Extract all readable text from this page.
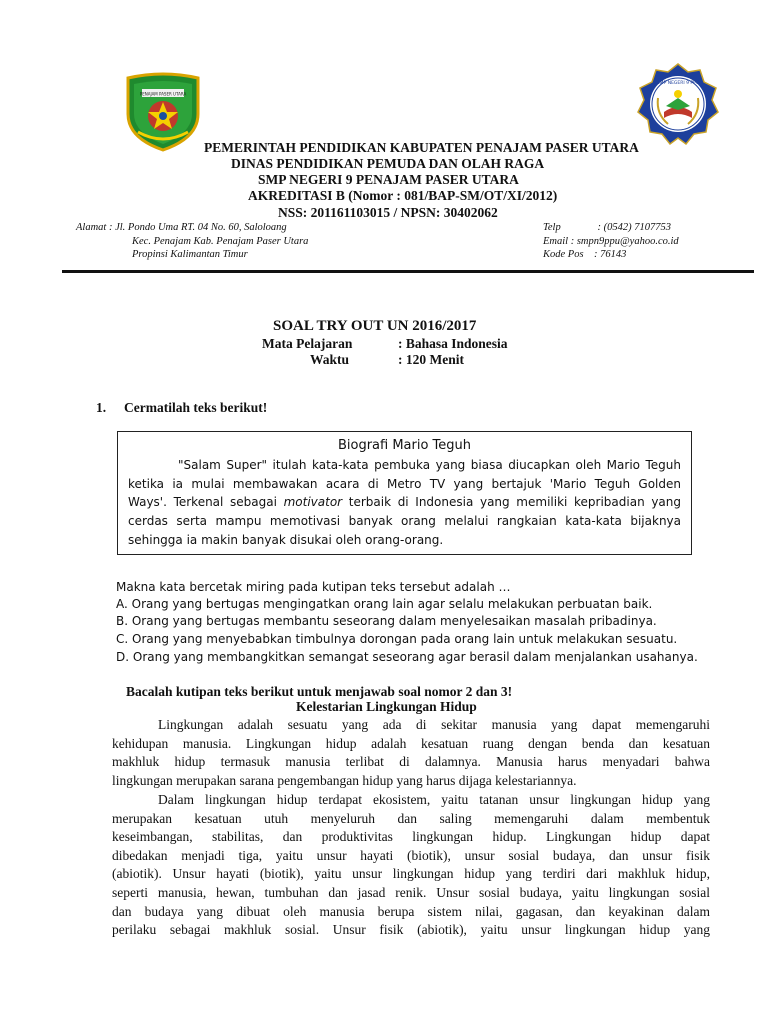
PENAJAM PASER UTARA
SMP NEGERI 9 PPU
PEMERINTAH PENDIDIKAN KABUPATEN PENAJAM PASER UTARA
DINAS PENDIDIKAN PEMUDA DAN OLAH RAGA
SMP NEGERI 9 PENAJAM PASER UTARA
AKREDITASI B (Nomor : 081/BAP-SM/OT/XI/2012)
NSS: 201161103015 / NPSN: 30402062
Alamat : Jl. Pondo Uma RT. 04 No. 60, Saloloang
Kec. Penajam Kab. Penajam Paser Utara
Propinsi Kalimantan Timur
Telp              : (0542) 7107753
Email : smpn9ppu@yahoo.co.id
Kode Pos    : 76143
SOAL TRY OUT UN 2016/2017
Mata Pelajaran	: Bahasa Indonesia
Waktu	: 120 Menit
1. Cermatilah teks berikut!
Biografi Mario Teguh
"Salam Super" itulah kata-kata pembuka yang biasa diucapkan oleh Mario Teguh
ketika ia mulai membawakan acara di Metro TV yang bertajuk 'Mario Teguh Golden
Ways'. Terkenal sebagai motivator terbaik di Indonesia yang memiliki kepribadian yang
cerdas serta mampu memotivasi banyak orang melalui rangkaian kata-kata bijaknya
sehingga ia makin banyak disukai oleh orang-orang.
Makna kata bercetak miring pada kutipan teks tersebut adalah …
A. Orang yang bertugas mengingatkan orang lain agar selalu melakukan perbuatan baik.
B. Orang yang bertugas membantu seseorang dalam menyelesaikan masalah pribadinya.
C. Orang yang menyebabkan timbulnya dorongan pada orang lain untuk melakukan sesuatu.
D. Orang yang membangkitkan semangat seseorang agar berasil dalam menjalankan usahanya.
Bacalah kutipan teks berikut untuk menjawab soal nomor 2 dan 3!
Kelestarian Lingkungan Hidup
Lingkungan adalah sesuatu yang ada di sekitar manusia yang dapat memengaruhi
kehidupan manusia. Lingkungan hidup adalah kesatuan ruang dengan benda dan kesatuan
makhluk hidup termasuk manusia terlibat di dalamnya. Manusia harus menyadari bahwa
lingkungan merupakan sarana pengembangan hidup yang harus dijaga kelestariannya.
Dalam lingkungan hidup terdapat ekosistem, yaitu tatanan unsur lingkungan hidup yang
merupakan kesatuan utuh menyeluruh dan saling memengaruhi dalam membentuk
keseimbangan, stabilitas, dan produktivitas lingkungan hidup. Lingkungan hidup dapat
dibedakan menjadi tiga, yaitu unsur hayati (biotik), unsur sosial budaya, dan unsur fisik
(abiotik). Unsur hayati (biotik), yaitu unsur lingkungan hidup yang terdiri dari makhluk hidup,
seperti manusia, hewan, tumbuhan dan jasad renik. Unsur sosial budaya, yaitu lingkungan sosial
dan budaya yang dibuat oleh manusia berupa sistem nilai, gagasan, dan keyakinan dalam
perilaku sebagai makhluk sosial. Unsur fisik (abiotik), yaitu unsur lingkungan hidup yang
